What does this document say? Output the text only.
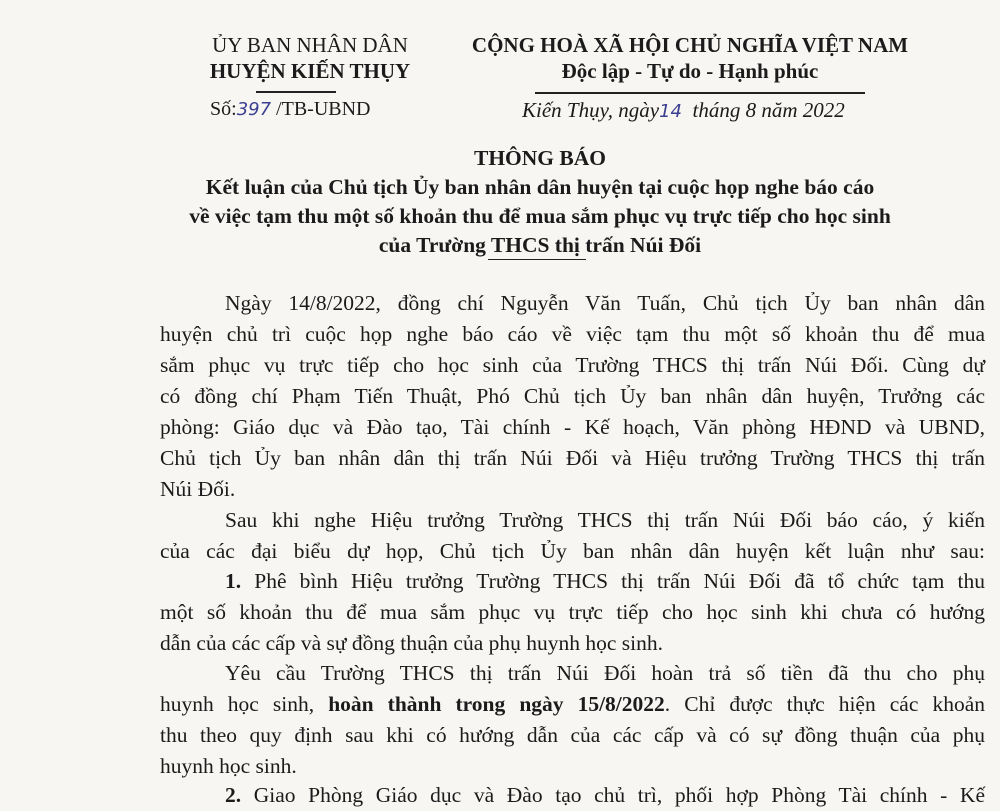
ỦY BAN NHÂN DÂN
HUYỆN KIẾN THỤY
Số:397 /TB-UBND
CỘNG HOÀ XÃ HỘI CHỦ NGHĨA VIỆT NAM
Độc lập - Tự do - Hạnh phúc
Kiến Thụy, ngày14 tháng 8 năm 2022
THÔNG BÁO
Kết luận của Chủ tịch Ủy ban nhân dân huyện tại cuộc họp nghe báo cáo
về việc tạm thu một số khoản thu để mua sắm phục vụ trực tiếp cho học sinh
của Trường THCS thị trấn Núi Đối
Ngày 14/8/2022, đồng chí Nguyễn Văn Tuấn, Chủ tịch Ủy ban nhân dân
huyện chủ trì cuộc họp nghe báo cáo về việc tạm thu một số khoản thu để mua
sắm phục vụ trực tiếp cho học sinh của Trường THCS thị trấn Núi Đối. Cùng dự
có đồng chí Phạm Tiến Thuật, Phó Chủ tịch Ủy ban nhân dân huyện, Trưởng các
phòng: Giáo dục và Đào tạo, Tài chính - Kế hoạch, Văn phòng HĐND và UBND,
Chủ tịch Ủy ban nhân dân thị trấn Núi Đối và Hiệu trưởng Trường THCS thị trấn
Núi Đối.
Sau khi nghe Hiệu trưởng Trường THCS thị trấn Núi Đối báo cáo, ý kiến
của các đại biểu dự họp, Chủ tịch Ủy ban nhân dân huyện kết luận như sau:
1. Phê bình Hiệu trưởng Trường THCS thị trấn Núi Đối đã tổ chức tạm thu
một số khoản thu để mua sắm phục vụ trực tiếp cho học sinh khi chưa có hướng
dẫn của các cấp và sự đồng thuận của phụ huynh học sinh.
Yêu cầu Trường THCS thị trấn Núi Đối hoàn trả số tiền đã thu cho phụ
huynh học sinh, hoàn thành trong ngày 15/8/2022. Chỉ được thực hiện các khoản
thu theo quy định sau khi có hướng dẫn của các cấp và có sự đồng thuận của phụ
huynh học sinh.
2. Giao Phòng Giáo dục và Đào tạo chủ trì, phối hợp Phòng Tài chính - Kế
